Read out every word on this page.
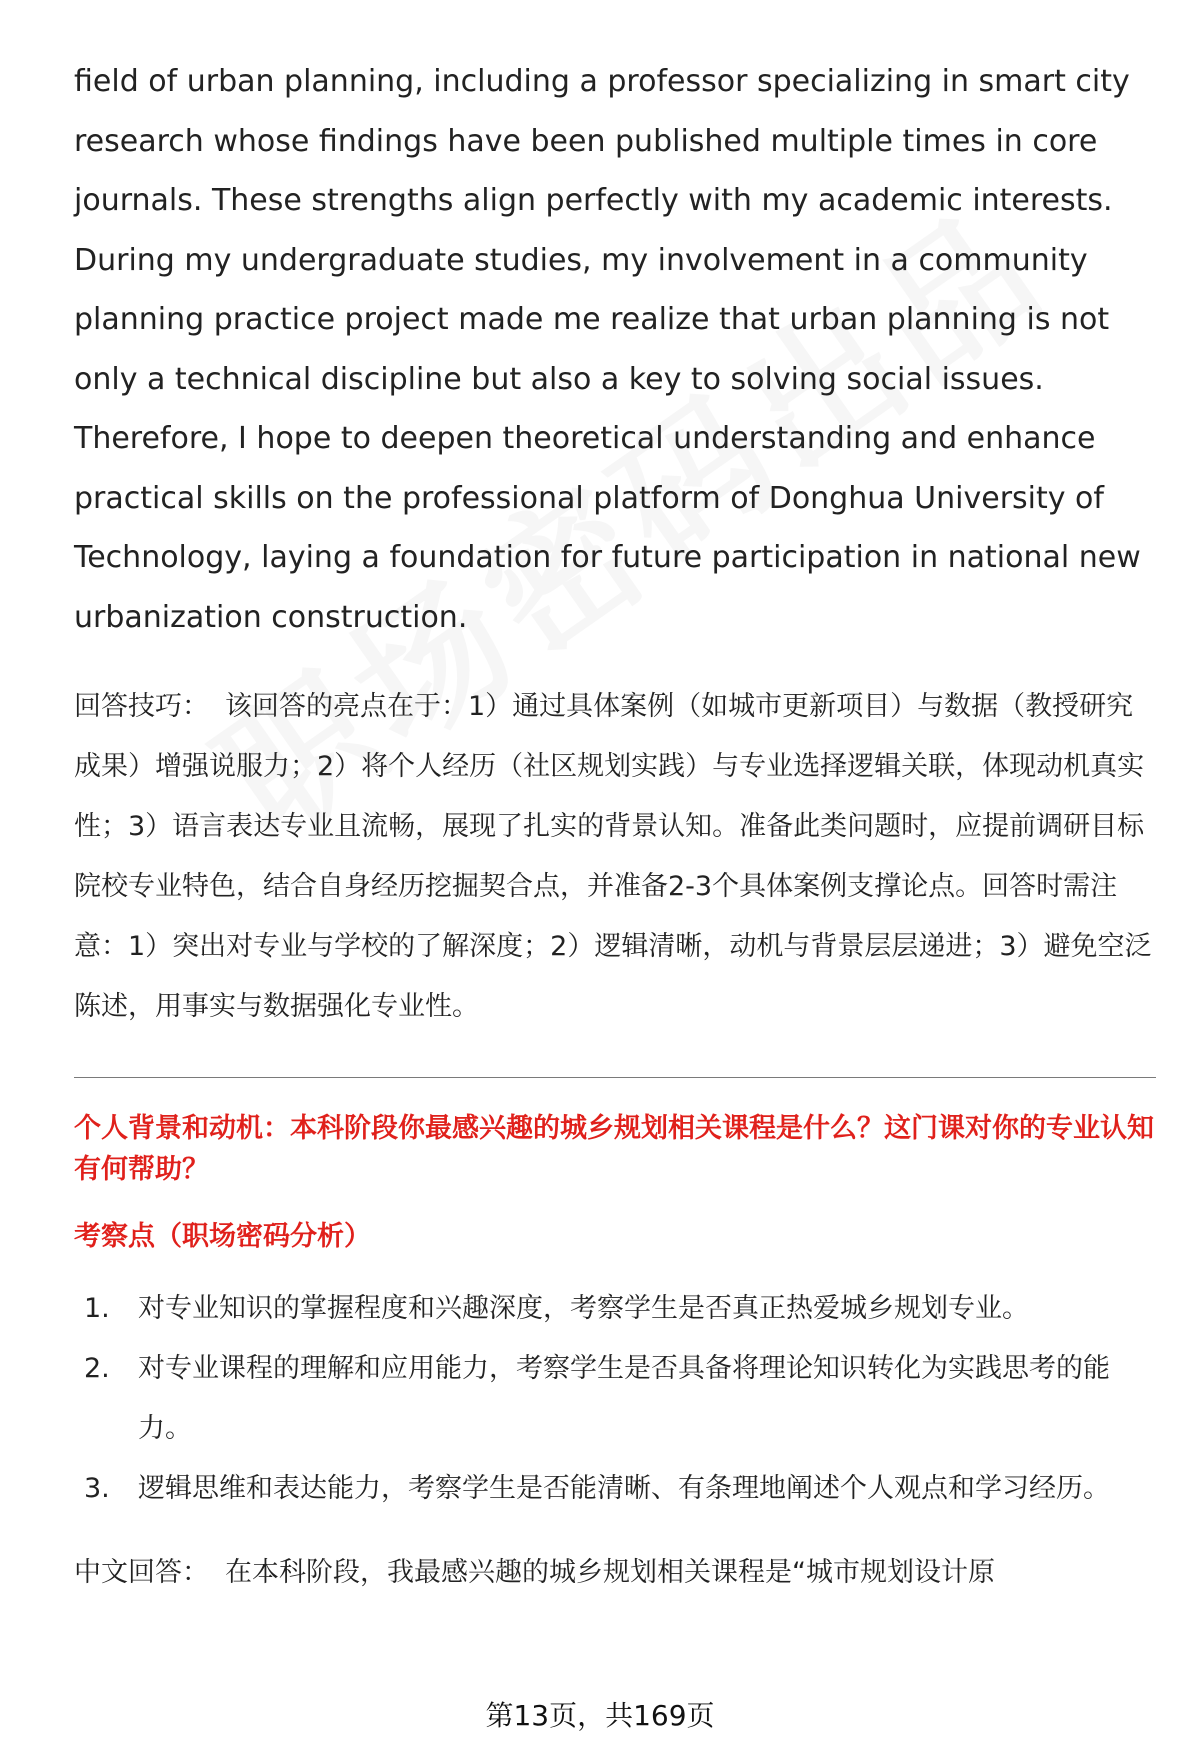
field of urban planning, including a professor specializing in smart city research whose findings have been published multiple times in core journals. These strengths align perfectly with my academic interests. During my undergraduate studies, my involvement in a community planning practice project made me realize that urban planning is not only a technical discipline but also a key to solving social issues. Therefore, I hope to deepen theoretical understanding and enhance practical skills on the professional platform of Donghua University of Technology, laying a foundation for future participation in national new urbanization construction.

回答技巧： 该回答的亮点在于：1）通过具体案例（如城市更新项目）与数据（教授研究成果）增强说服力；2）将个人经历（社区规划实践）与专业选择逻辑关联，体现动机真实性；3）语言表达专业且流畅，展现了扎实的背景认知。准备此类问题时，应提前调研目标院校专业特色，结合自身经历挖掘契合点，并准备2-3个具体案例支撑论点。回答时需注意：1）突出对专业与学校的了解深度；2）逻辑清晰，动机与背景层层递进；3）避免空泛陈述，用事实与数据强化专业性。

个人背景和动机：本科阶段你最感兴趣的城乡规划相关课程是什么？这门课对你的专业认知有何帮助？

考察点（职场密码分析）

1.	对专业知识的掌握程度和兴趣深度，考察学生是否真正热爱城乡规划专业。
2.	对专业课程的理解和应用能力，考察学生是否具备将理论知识转化为实践思考的能力。
3.	逻辑思维和表达能力，考察学生是否能清晰、有条理地阐述个人观点和学习经历。

中文回答： 在本科阶段，我最感兴趣的城乡规划相关课程是“城市规划设计原

第13页，共169页
